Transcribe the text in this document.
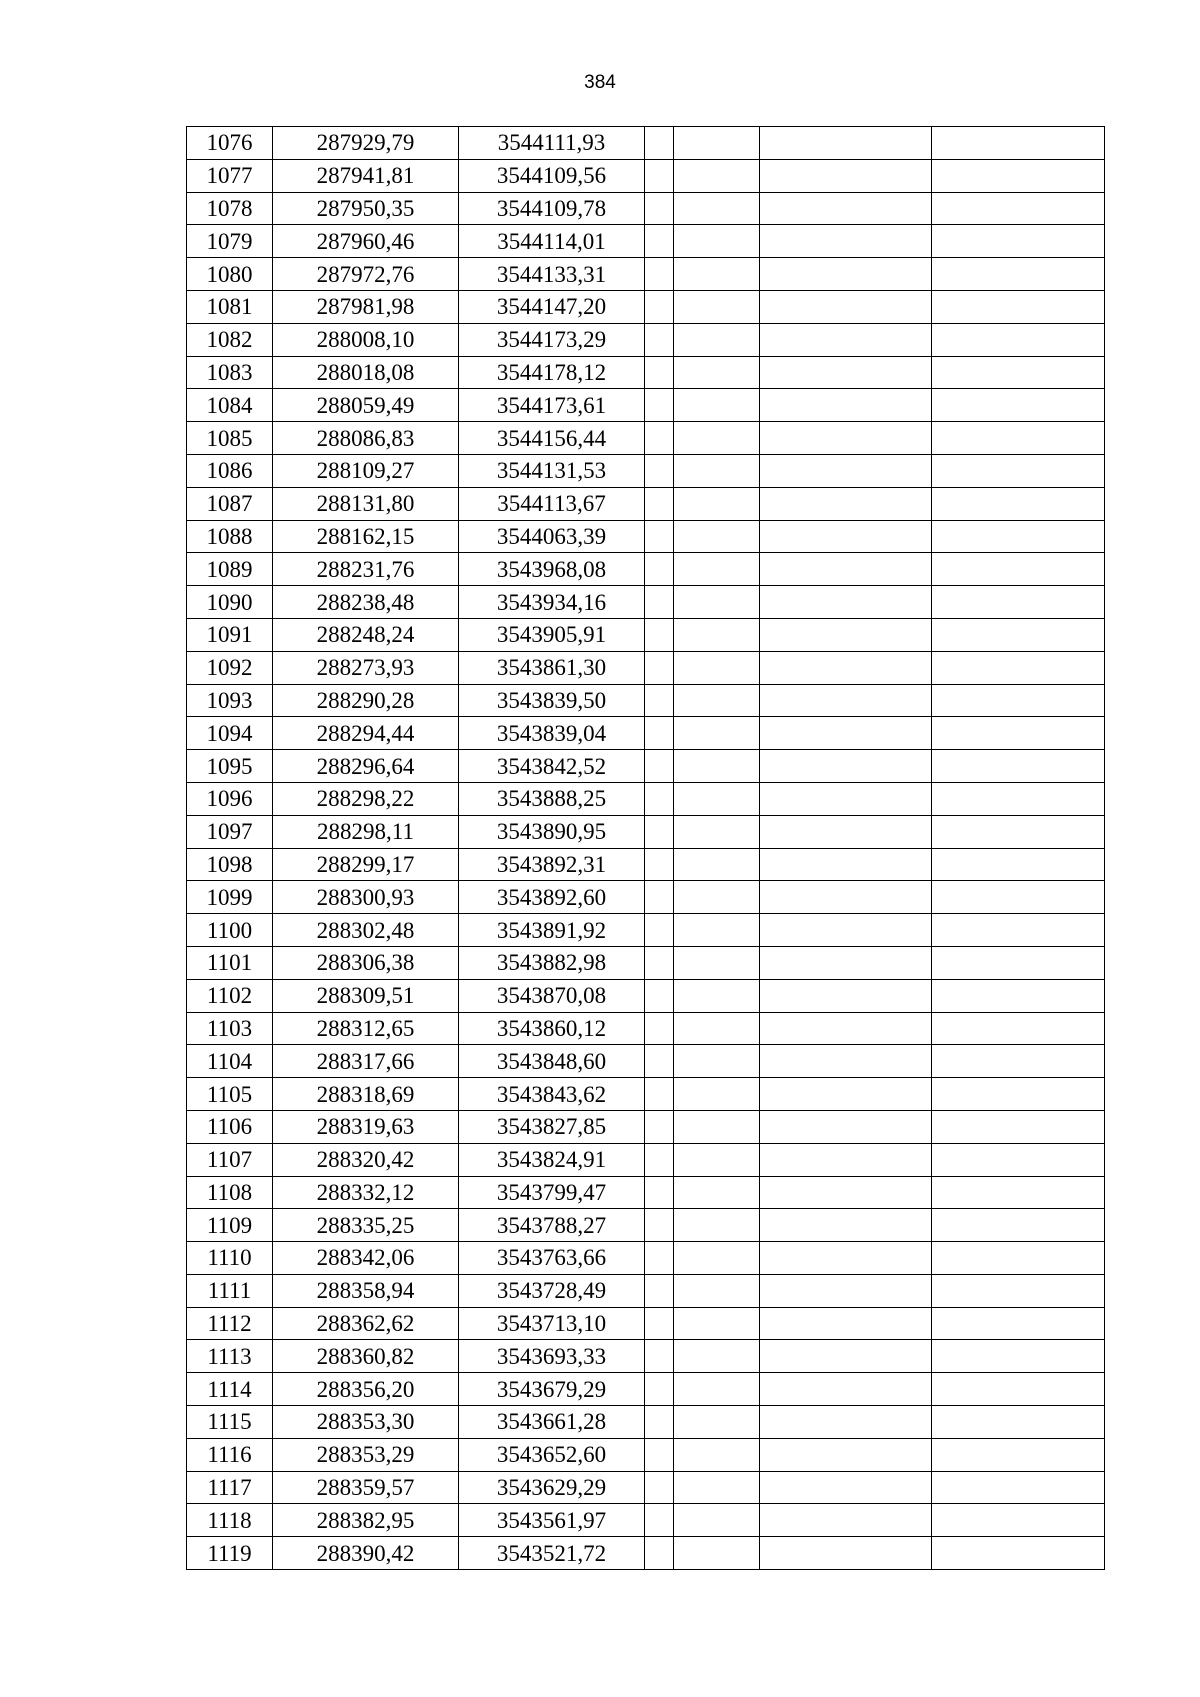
384
1076	287929,79	3544111,93				
1077	287941,81	3544109,56				
1078	287950,35	3544109,78				
1079	287960,46	3544114,01				
1080	287972,76	3544133,31				
1081	287981,98	3544147,20				
1082	288008,10	3544173,29				
1083	288018,08	3544178,12				
1084	288059,49	3544173,61				
1085	288086,83	3544156,44				
1086	288109,27	3544131,53				
1087	288131,80	3544113,67				
1088	288162,15	3544063,39				
1089	288231,76	3543968,08				
1090	288238,48	3543934,16				
1091	288248,24	3543905,91				
1092	288273,93	3543861,30				
1093	288290,28	3543839,50				
1094	288294,44	3543839,04				
1095	288296,64	3543842,52				
1096	288298,22	3543888,25				
1097	288298,11	3543890,95				
1098	288299,17	3543892,31				
1099	288300,93	3543892,60				
1100	288302,48	3543891,92				
1101	288306,38	3543882,98				
1102	288309,51	3543870,08				
1103	288312,65	3543860,12				
1104	288317,66	3543848,60				
1105	288318,69	3543843,62				
1106	288319,63	3543827,85				
1107	288320,42	3543824,91				
1108	288332,12	3543799,47				
1109	288335,25	3543788,27				
1110	288342,06	3543763,66				
1111	288358,94	3543728,49				
1112	288362,62	3543713,10				
1113	288360,82	3543693,33				
1114	288356,20	3543679,29				
1115	288353,30	3543661,28				
1116	288353,29	3543652,60				
1117	288359,57	3543629,29				
1118	288382,95	3543561,97				
1119	288390,42	3543521,72				
